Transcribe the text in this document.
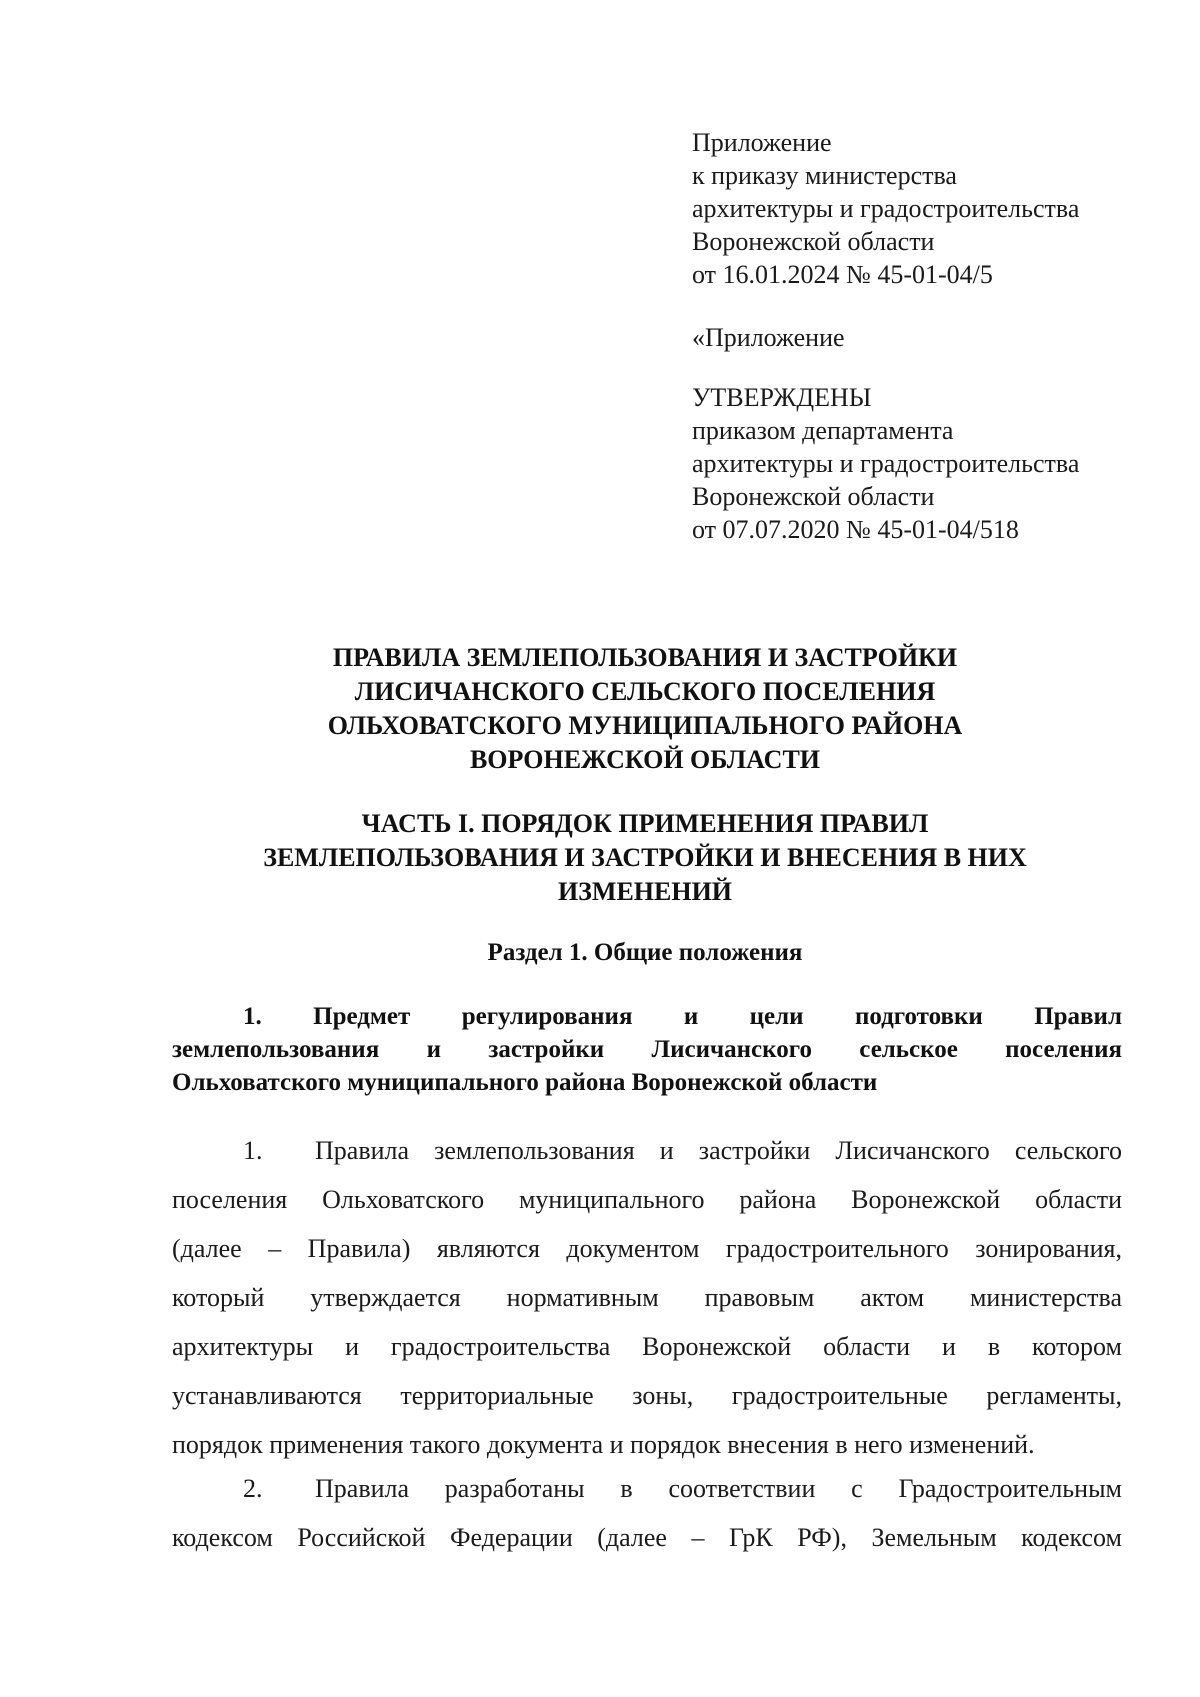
Приложение
к приказу министерства
архитектуры и градостроительства
Воронежской области
от 16.01.2024 № 45-01-04/5
«Приложение
УТВЕРЖДЕНЫ
приказом департамента
архитектуры и градостроительства
Воронежской области
от 07.07.2020 № 45-01-04/518
ПРАВИЛА ЗЕМЛЕПОЛЬЗОВАНИЯ И ЗАСТРОЙКИ
ЛИСИЧАНСКОГО СЕЛЬСКОГО ПОСЕЛЕНИЯ
ОЛЬХОВАТСКОГО МУНИЦИПАЛЬНОГО РАЙОНА
ВОРОНЕЖСКОЙ ОБЛАСТИ
ЧАСТЬ I. ПОРЯДОК ПРИМЕНЕНИЯ ПРАВИЛ
ЗЕМЛЕПОЛЬЗОВАНИЯ И ЗАСТРОЙКИ И ВНЕСЕНИЯ В НИХ
ИЗМЕНЕНИЙ
Раздел 1. Общие положения
1. Предмет регулирования и цели подготовки Правил
землепользования и застройки Лисичанского сельское поселения
Ольховатского муниципального района Воронежской области
1. Правила землепользования и застройки Лисичанского сельского
поселения Ольховатского муниципального района Воронежской области
(далее – Правила) являются документом градостроительного зонирования,
который утверждается нормативным правовым актом министерства
архитектуры и градостроительства Воронежской области и в котором
устанавливаются территориальные зоны, градостроительные регламенты,
порядок применения такого документа и порядок внесения в него изменений.
2. Правила разработаны в соответствии с Градостроительным
кодексом Российской Федерации (далее – ГрК РФ), Земельным кодексом
